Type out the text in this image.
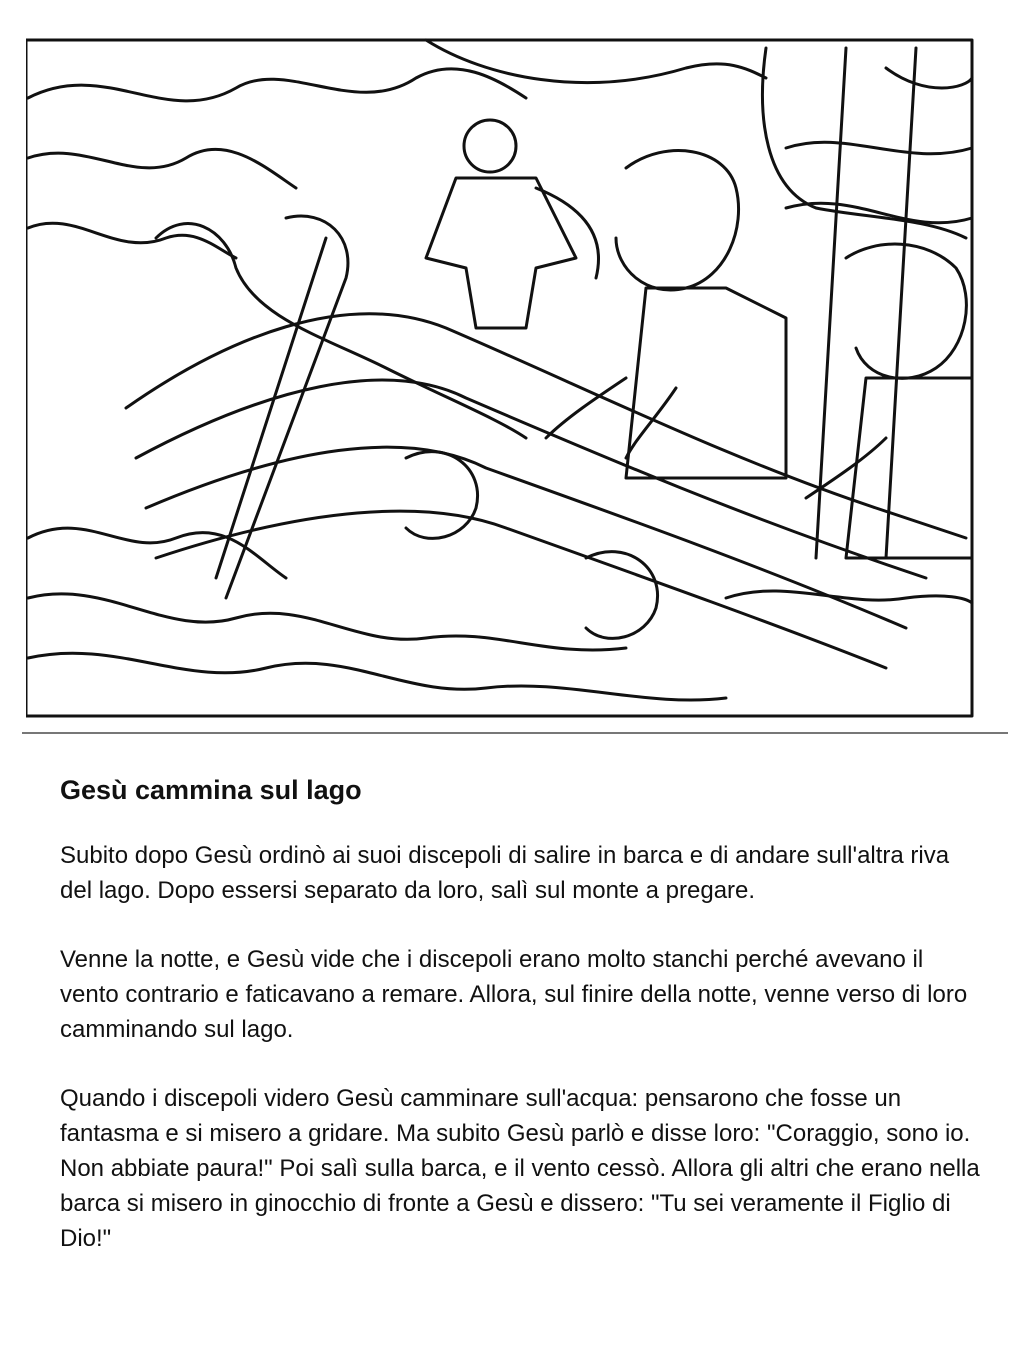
Gesù cammina sul lago

Subito dopo Gesù ordinò ai suoi discepoli di salire in barca e di andare sull'altra riva del lago. Dopo essersi separato da loro, salì sul monte a pregare.

Venne la notte, e Gesù vide che i discepoli erano molto stanchi perché avevano il vento contrario e faticavano a remare. Allora, sul finire della notte, venne verso di loro camminando sul lago.

Quando i discepoli videro Gesù camminare sull'acqua: pensarono che fosse un fantasma e si misero a gridare. Ma subito Gesù parlò e disse loro: "Coraggio, sono io. Non abbiate paura!" Poi salì sulla barca, e il vento cessò. Allora gli altri che erano nella barca si misero in ginocchio di fronte a Gesù e dissero: "Tu sei veramente il Figlio di Dio!"
